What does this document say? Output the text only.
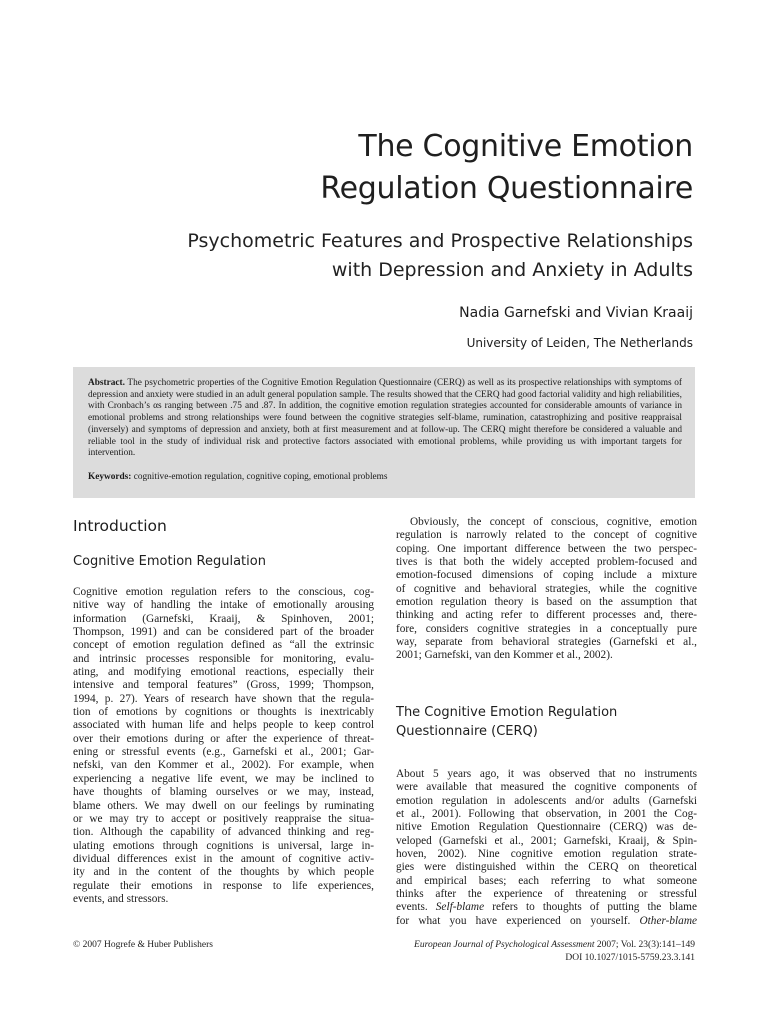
The Cognitive Emotion
Regulation Questionnaire
Psychometric Features and Prospective Relationships
with Depression and Anxiety in Adults
Nadia Garnefski and Vivian Kraaij
University of Leiden, The Netherlands
Abstract. The psychometric properties of the Cognitive Emotion Regulation Questionnaire (CERQ) as well as its prospective relationships with symptoms of depression and anxiety were studied in an adult general population sample. The results showed that the CERQ had good factorial validity and high reliabilities, with Cronbach’s αs ranging between .75 and .87. In addition, the cognitive emotion regulation strategies accounted for considerable amounts of variance in emotional problems and strong relationships were found between the cognitive strategies self-blame, rumination, catastrophizing and positive reappraisal (inversely) and symptoms of depression and anxiety, both at first measurement and at follow-up. The CERQ might therefore be considered a valuable and reliable tool in the study of individual risk and protective factors associated with emotional problems, while providing us with important targets for intervention.
Keywords: cognitive-emotion regulation, cognitive coping, emotional problems
Introduction
Cognitive Emotion Regulation
Cognitive emotion regulation refers to the conscious, cog-
nitive way of handling the intake of emotionally arousing
information (Garnefski, Kraaij, & Spinhoven, 2001;
Thompson, 1991) and can be considered part of the broader
concept of emotion regulation defined as “all the extrinsic
and intrinsic processes responsible for monitoring, evalu-
ating, and modifying emotional reactions, especially their
intensive and temporal features” (Gross, 1999; Thompson,
1994, p. 27). Years of research have shown that the regula-
tion of emotions by cognitions or thoughts is inextricably
associated with human life and helps people to keep control
over their emotions during or after the experience of threat-
ening or stressful events (e.g., Garnefski et al., 2001; Gar-
nefski, van den Kommer et al., 2002). For example, when
experiencing a negative life event, we may be inclined to
have thoughts of blaming ourselves or we may, instead,
blame others. We may dwell on our feelings by ruminating
or we may try to accept or positively reappraise the situa-
tion. Although the capability of advanced thinking and reg-
ulating emotions through cognitions is universal, large in-
dividual differences exist in the amount of cognitive activ-
ity and in the content of the thoughts by which people
regulate their emotions in response to life experiences,
events, and stressors.
Obviously, the concept of conscious, cognitive, emotion
regulation is narrowly related to the concept of cognitive
coping. One important difference between the two perspec-
tives is that both the widely accepted problem-focused and
emotion-focused dimensions of coping include a mixture
of cognitive and behavioral strategies, while the cognitive
emotion regulation theory is based on the assumption that
thinking and acting refer to different processes and, there-
fore, considers cognitive strategies in a conceptually pure
way, separate from behavioral strategies (Garnefski et al.,
2001; Garnefski, van den Kommer et al., 2002).
The Cognitive Emotion Regulation
Questionnaire (CERQ)
About 5 years ago, it was observed that no instruments
were available that measured the cognitive components of
emotion regulation in adolescents and/or adults (Garnefski
et al., 2001). Following that observation, in 2001 the Cog-
nitive Emotion Regulation Questionnaire (CERQ) was de-
veloped (Garnefski et al., 2001; Garnefski, Kraaij, & Spin-
hoven, 2002). Nine cognitive emotion regulation strate-
gies were distinguished within the CERQ on theoretical
and empirical bases; each referring to what someone
thinks after the experience of threatening or stressful
events. Self-blame refers to thoughts of putting the blame
for what you have experienced on yourself. Other-blame
© 2007 Hogrefe & Huber Publishers	European Journal of Psychological Assessment 2007; Vol. 23(3):141–149
DOI 10.1027/1015-5759.23.3.141
